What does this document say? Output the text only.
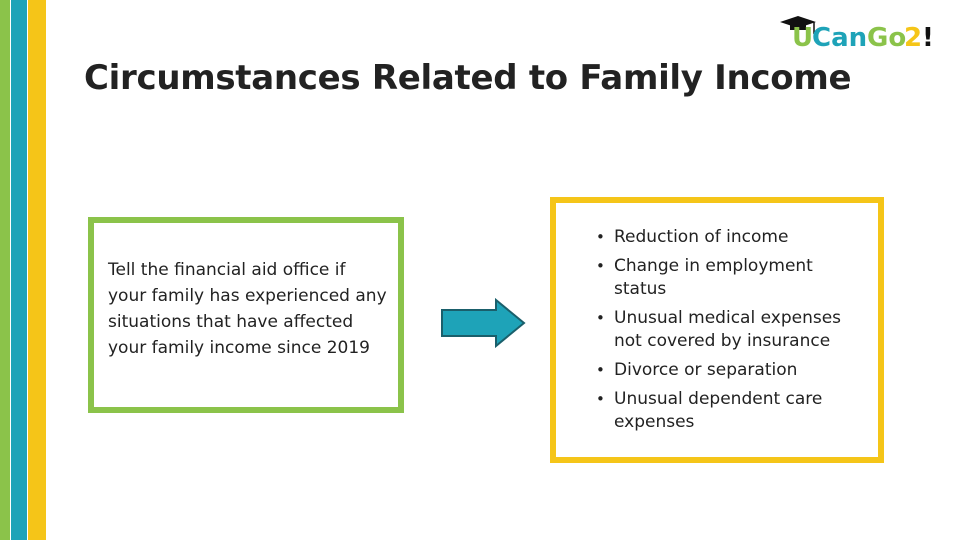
Circumstances Related to Family Income
U
Can Go
2 !
Tell the financial aid office if your family has experienced any situations that have affected your family income since 2019
• Reduction of income
• Change in employment status
• Unusual medical expenses not covered by insurance
• Divorce or separation
• Unusual dependent care expenses
